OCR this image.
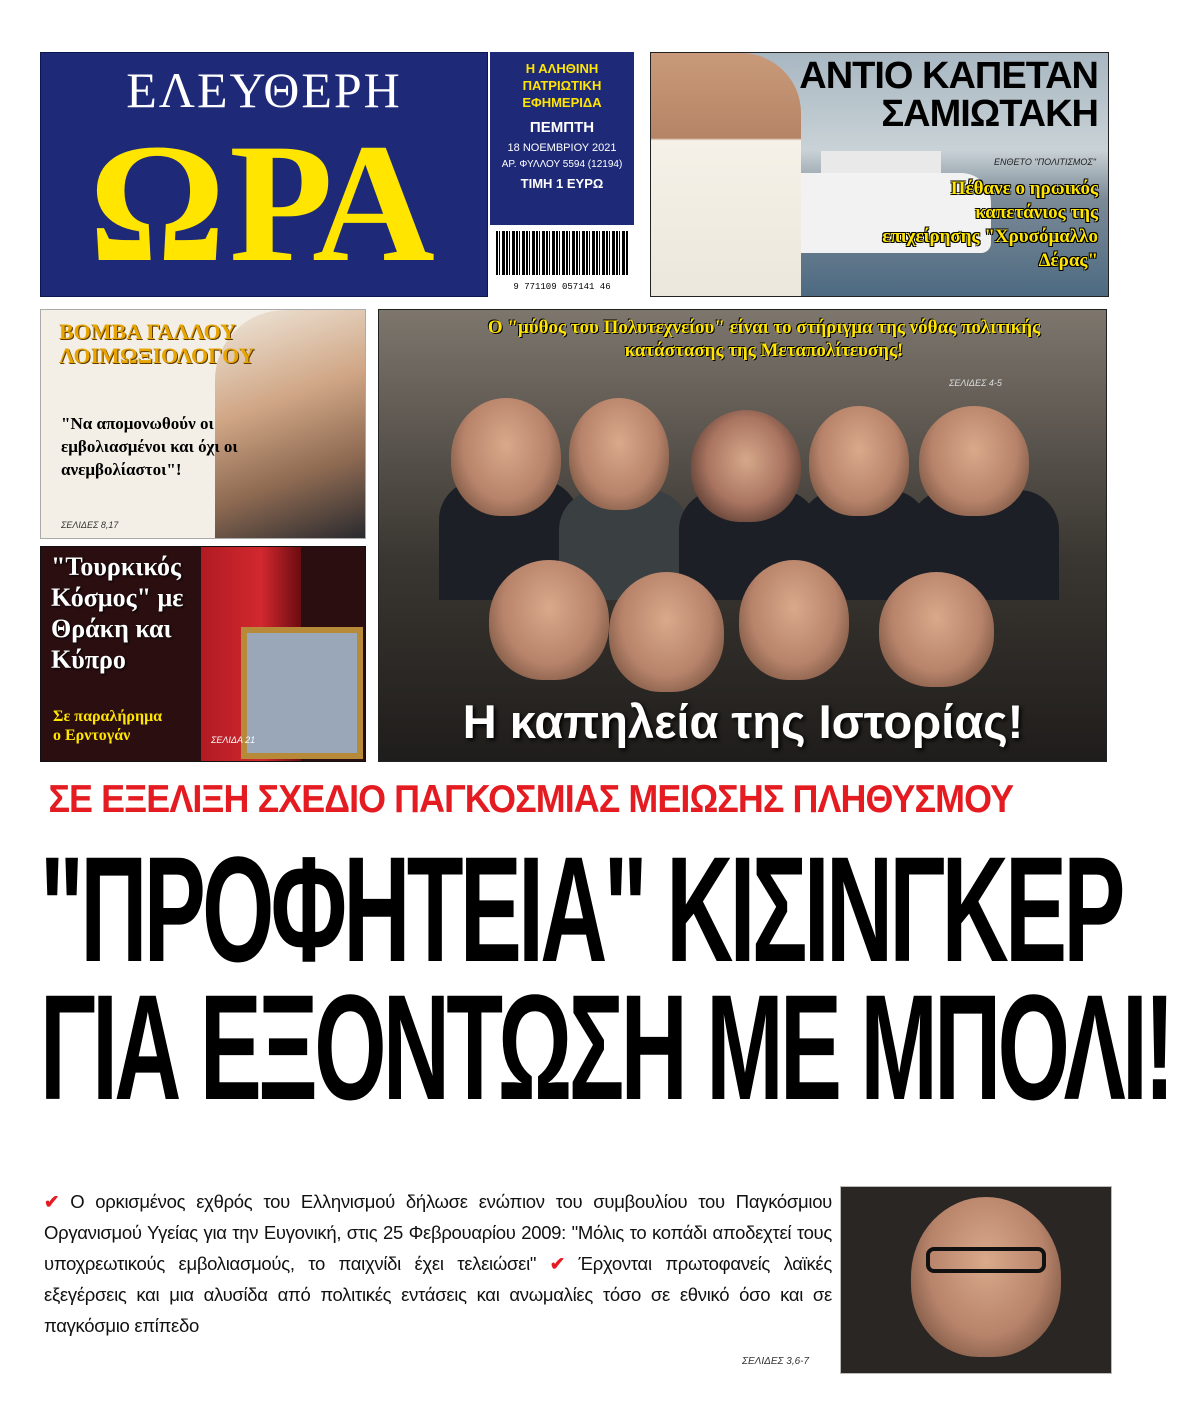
ΕΛΕΥΘΕΡΗ
ΩΡΑ
Η ΑΛΗΘΙΝΗ
ΠΑΤΡΙΩΤΙΚΗ
ΕΦΗΜΕΡΙΔΑ
ΠΕΜΠΤΗ
18 ΝΟΕΜΒΡΙΟΥ 2021
ΑΡ. ΦΥΛΛΟΥ 5594 (12194)
ΤΙΜΗ 1 ΕΥΡΩ
9 771109 057141 46
ΑΝΤΙΟ ΚΑΠΕΤΑΝ
ΣΑΜΙΩΤΑΚΗ
ΕΝΘΕΤΟ "ΠΟΛΙΤΙΣΜΟΣ"
Πέθανε ο ηρωικός καπετάνιος της επιχείρησης "Χρυσόμαλλο Δέρας"
ΒΟΜΒΑ ΓΑΛΛΟΥ
ΛΟΙΜΩΞΙΟΛΟΓΟΥ
"Να απομονωθούν οι εμβολιασμένοι και όχι οι ανεμβολίαστοι"!
ΣΕΛΙΔΕΣ 8,17
"Τουρκικός Κόσμος" με Θράκη και Κύπρο
Σε παραλήρημα
ο Ερντογάν	ΣΕΛΙΔΑ 21
Ο "μύθος του Πολυτεχνείου" είναι το στήριγμα της νόθας πολιτικής κατάστασης της Μεταπολίτευσης!
ΣΕΛΙΔΕΣ 4-5
Η καπηλεία της Ιστορίας!
ΣΕ ΕΞΕΛΙΞΗ ΣΧΕΔΙΟ ΠΑΓΚΟΣΜΙΑΣ ΜΕΙΩΣΗΣ ΠΛΗΘΥΣΜΟΥ
"ΠΡΟΦΗΤΕΙΑ" ΚΙΣΙΝΓΚΕΡ
ΓΙΑ ΕΞΟΝΤΩΣΗ ΜΕ ΜΠΟΛΙ!
✔ Ο ορκισμένος εχθρός του Ελληνισμού δήλωσε ενώπιον του συμβουλίου του Παγκόσμιου Οργανισμού Υγείας για την Ευγονική, στις 25 Φεβρουαρίου 2009: "Μόλις το κοπάδι αποδεχτεί τους υποχρεωτικούς εμβολιασμούς, το παιχνίδι έχει τελειώσει" ✔ Έρχονται πρωτοφανείς λαϊκές εξεγέρσεις και μια αλυσίδα από πολιτικές εντάσεις και ανωμαλίες τόσο σε εθνικό όσο και σε παγκόσμιο επίπεδο
ΣΕΛΙΔΕΣ 3,6-7
